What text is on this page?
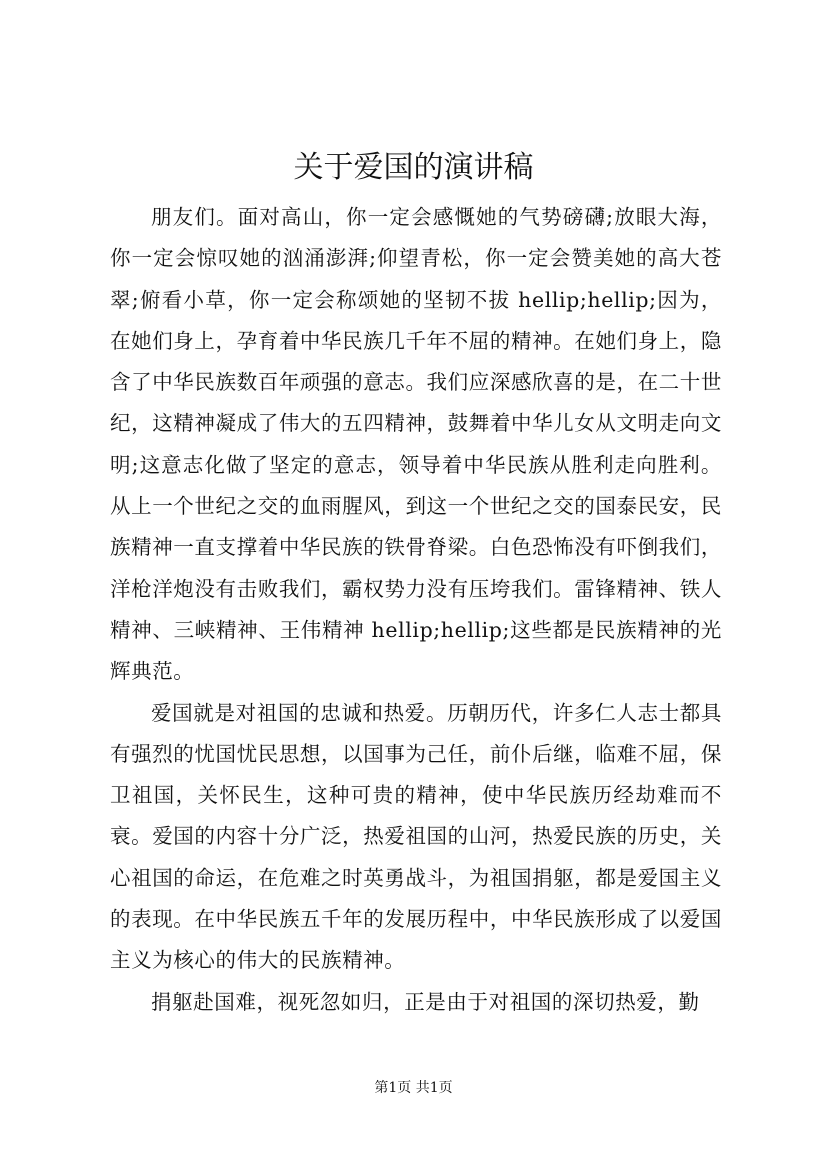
关于爱国的演讲稿

朋友们。面对高山，你一定会感慨她的气势磅礴;放眼大海，你一定会惊叹她的汹涌澎湃;仰望青松，你一定会赞美她的高大苍翠;俯看小草，你一定会称颂她的坚韧不拔 hellip;hellip;因为，在她们身上，孕育着中华民族几千年不屈的精神。在她们身上，隐含了中华民族数百年顽强的意志。我们应深感欣喜的是，在二十世纪，这精神凝成了伟大的五四精神，鼓舞着中华儿女从文明走向文明;这意志化做了坚定的意志，领导着中华民族从胜利走向胜利。从上一个世纪之交的血雨腥风，到这一个世纪之交的国泰民安，民族精神一直支撑着中华民族的铁骨脊梁。白色恐怖没有吓倒我们，洋枪洋炮没有击败我们，霸权势力没有压垮我们。雷锋精神、铁人精神、三峡精神、王伟精神 hellip;hellip;这些都是民族精神的光辉典范。

爱国就是对祖国的忠诚和热爱。历朝历代，许多仁人志士都具有强烈的忧国忧民思想，以国事为己任，前仆后继，临难不屈，保卫祖国，关怀民生，这种可贵的精神，使中华民族历经劫难而不衰。爱国的内容十分广泛，热爱祖国的山河，热爱民族的历史，关心祖国的命运，在危难之时英勇战斗，为祖国捐躯，都是爱国主义的表现。在中华民族五千年的发展历程中，中华民族形成了以爱国主义为核心的伟大的民族精神。

捐躯赴国难，视死忽如归，正是由于对祖国的深切热爱，勤

第1页 共1页
